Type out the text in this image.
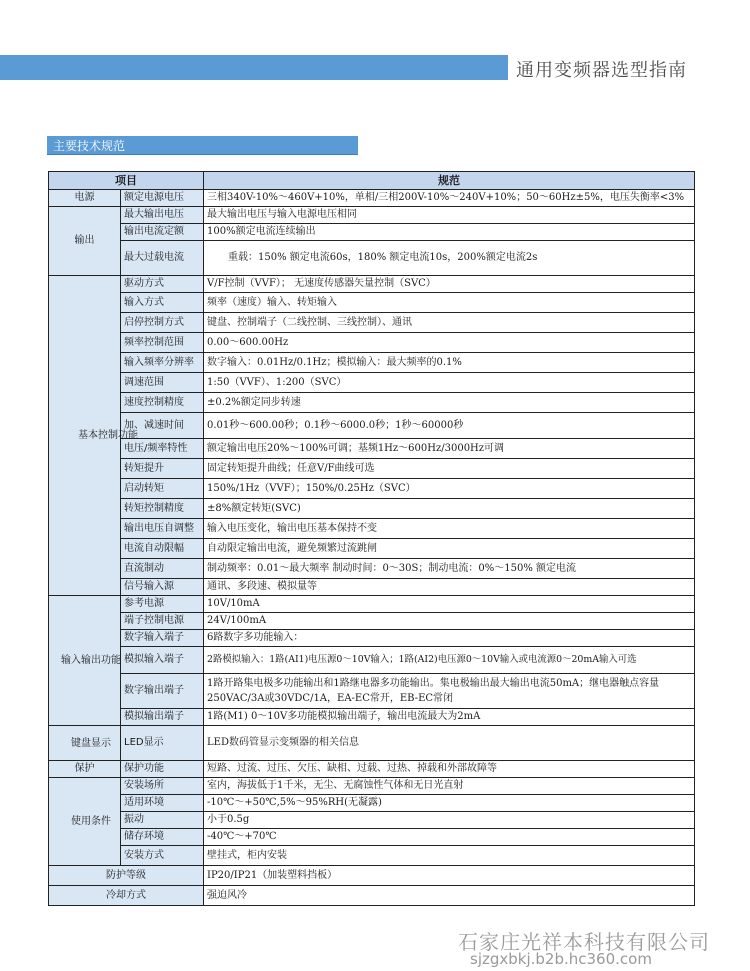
通用变频器选型指南
主要技术规范
项目		规范
电源	额定电源电压	三相340V-10%～460V+10%，单相/三相200V-10%～240V+10%；50～60Hz±5%，电压失衡率<3%
输出	最大输出电压	最大输出电压与输入电源电压相同
	输出电流定额	100%额定电流连续输出
	最大过载电流	重载：150% 额定电流60s，180% 额定电流10s，200%额定电流2s
基本控制功能	驱动方式	V/F控制（VVF）； 无速度传感器矢量控制（SVC）
	输入方式	频率（速度）输入、转矩输入
	启停控制方式	键盘、控制端子（二线控制、三线控制）、通讯
	频率控制范围	0.00～600.00Hz
	输入频率分辨率	数字输入：0.01Hz/0.1Hz；模拟输入：最大频率的0.1%
	调速范围	1:50（VVF）、1:200（SVC）
	速度控制精度	±0.2%额定同步转速
	加、减速时间	0.01秒～600.00秒；0.1秒～6000.0秒；1秒～60000秒
	电压/频率特性	额定输出电压20%～100%可调；基频1Hz～600Hz/3000Hz可调
	转矩提升	固定转矩提升曲线；任意V/F曲线可选
	启动转矩	150%/1Hz（VVF）；150%/0.25Hz（SVC）
	转矩控制精度	±8%额定转矩(SVC)
	输出电压自调整	输入电压变化，输出电压基本保持不变
	电流自动限幅	自动限定输出电流，避免频繁过流跳闸
	直流制动	制动频率：0.01～最大频率 制动时间：0～30S；制动电流：0%～150% 额定电流
	信号输入源	通讯、多段速、模拟量等
输入输出功能	参考电源	10V/10mA
	端子控制电源	24V/100mA
	数字输入端子	6路数字多功能输入：
	模拟输入端子	2路模拟输入：1路(AI1)电压源0～10V输入；1路(AI2)电压源0～10V输入或电流源0～20mA输入可选
	数字输出端子	1路开路集电极多功能输出和1路继电器多功能输出。集电极输出最大输出电流50mA；继电器触点容量250VAC/3A或30VDC/1A，EA-EC常开，EB-EC常闭
	模拟输出端子	1路(M1) 0～10V多功能模拟输出端子，输出电流最大为2mA
键盘显示	LED显示	LED数码管显示变频器的相关信息
保护	保护功能	短路、过流、过压、欠压、缺相、过载、过热、掉载和外部故障等
使用条件	安装场所	室内，海拔低于1千米，无尘、无腐蚀性气体和无日光直射
	适用环境	-10℃～+50℃,5%～95%RH(无凝露)
	振动	小于0.5g
	储存环境	-40℃～+70℃
	安装方式	壁挂式，柜内安装
防护等级		IP20/IP21（加装塑料挡板）
冷却方式		强迫风冷
石家庄光祥本科技有限公司
sjzgxbkj.b2b.hc360.com
